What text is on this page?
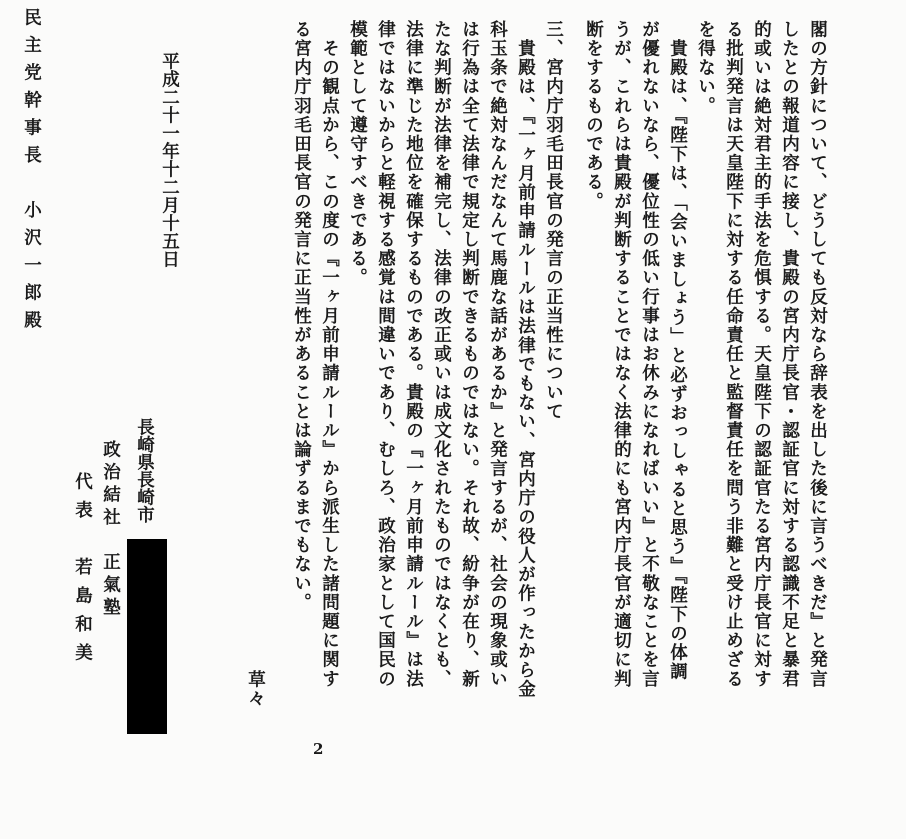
閣の方針について、どうしても反対なら辞表を出した後に言うべきだ』と発言
したとの報道内容に接し、貴殿の宮内庁長官・認証官に対する認識不足と暴君
的或いは絶対君主的手法を危惧する。天皇陛下の認証官たる宮内庁長官に対す
る批判発言は天皇陛下に対する任命責任と監督責任を問う非難と受け止めざる
を得ない。
　貴殿は、『陛下は、「会いましょう」と必ずおっしゃると思う』『陛下の体調
が優れないなら、優位性の低い行事はお休みになればいい』と不敬なことを言
うが、これらは貴殿が判断することではなく法律的にも宮内庁長官が適切に判
断をするものである。
三、宮内庁羽毛田長官の発言の正当性について
　貴殿は、『一ヶ月前申請ルールは法律でもない、宮内庁の役人が作ったから金
科玉条で絶対なんだなんて馬鹿な話があるか』と発言するが、社会の現象或い
は行為は全て法律で規定し判断できるものではない。それ故、紛争が在り、新
たな判断が法律を補完し、法律の改正或いは成文化されたものではなくとも、
法律に準じた地位を確保するものである。貴殿の『一ヶ月前申請ルール』は法
律ではないからと軽視する感覚は間違いであり、むしろ、政治家として国民の
模範として遵守すべきである。
　その観点から、この度の『一ヶ月前申請ルール』から派生した諸問題に関す
る宮内庁羽毛田長官の発言に正当性があることは論ずるまでもない。
草々
平成二十一年十二月十五日
長崎県長崎市
政治結社　正氣塾
代表　若島和美
民主党幹事長　小沢一郎殿
2
